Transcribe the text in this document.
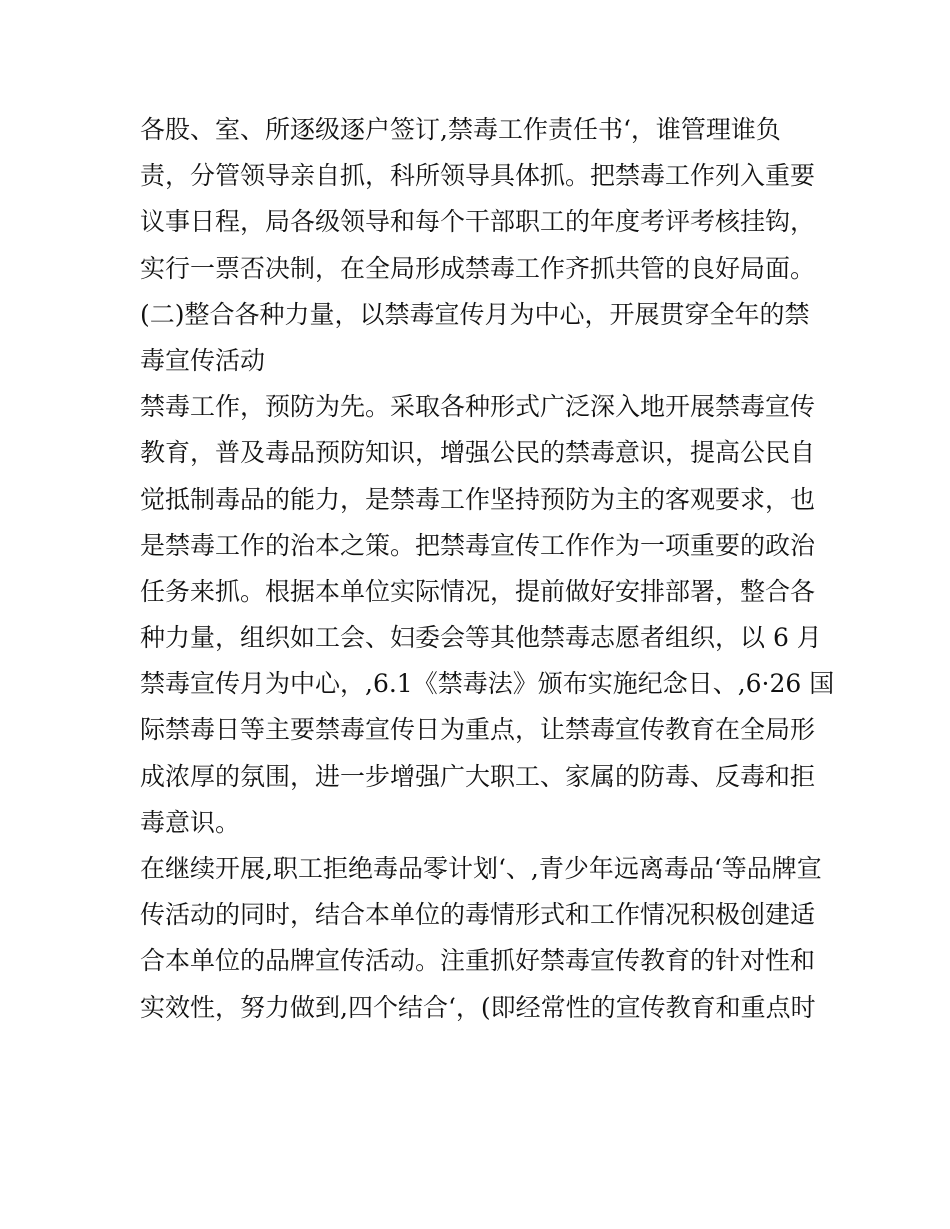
各股、室、所逐级逐户签订,禁毒工作责任书‘，谁管理谁负
责，分管领导亲自抓，科所领导具体抓。把禁毒工作列入重要
议事日程，局各级领导和每个干部职工的年度考评考核挂钩，
实行一票否决制，在全局形成禁毒工作齐抓共管的良好局面。
(二)整合各种力量，以禁毒宣传月为中心，开展贯穿全年的禁
毒宣传活动
禁毒工作，预防为先。采取各种形式广泛深入地开展禁毒宣传
教育，普及毒品预防知识，增强公民的禁毒意识，提高公民自
觉抵制毒品的能力，是禁毒工作坚持预防为主的客观要求，也
是禁毒工作的治本之策。把禁毒宣传工作作为一项重要的政治
任务来抓。根据本单位实际情况，提前做好安排部署，整合各
种力量，组织如工会、妇委会等其他禁毒志愿者组织，以 6 月
禁毒宣传月为中心，,6.1《禁毒法》颁布实施纪念日、,6·26 国
际禁毒日等主要禁毒宣传日为重点，让禁毒宣传教育在全局形
成浓厚的氛围，进一步增强广大职工、家属的防毒、反毒和拒
毒意识。
在继续开展,职工拒绝毒品零计划‘、,青少年远离毒品‘等品牌宣
传活动的同时，结合本单位的毒情形式和工作情况积极创建适
合本单位的品牌宣传活动。注重抓好禁毒宣传教育的针对性和
实效性，努力做到,四个结合‘，(即经常性的宣传教育和重点时
